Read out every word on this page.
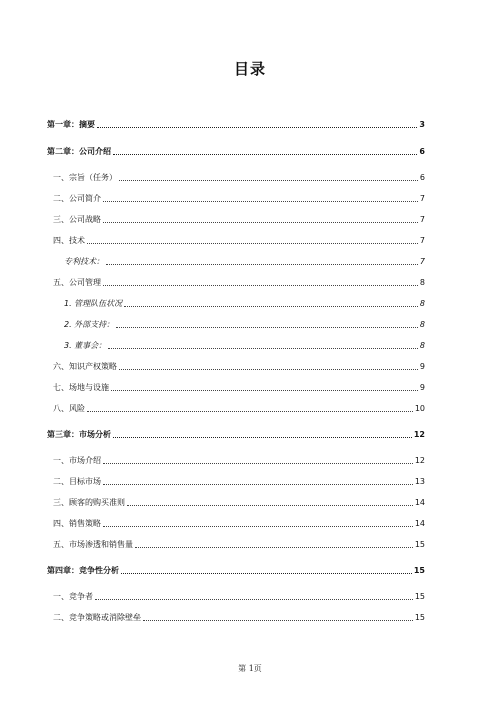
目录
第一章：摘要	3
第二章：公司介绍	6
一、宗旨（任务）	6
二、公司简介	7
三、公司战略	7
四、技术	7
专利技术：	7
五、公司管理	8
1. 管理队伍状况	8
2. 外部支持：	8
3. 董事会：	8
六、知识产权策略	9
七、场地与设施	9
八、风险	10
第三章：市场分析	12
一、市场介绍	12
二、目标市场	13
三、顾客的购买准则	14
四、销售策略	14
五、市场渗透和销售量	15
第四章：竞争性分析	15
一、竞争者	15
二、竞争策略或消除壁垒	15
第 1页
